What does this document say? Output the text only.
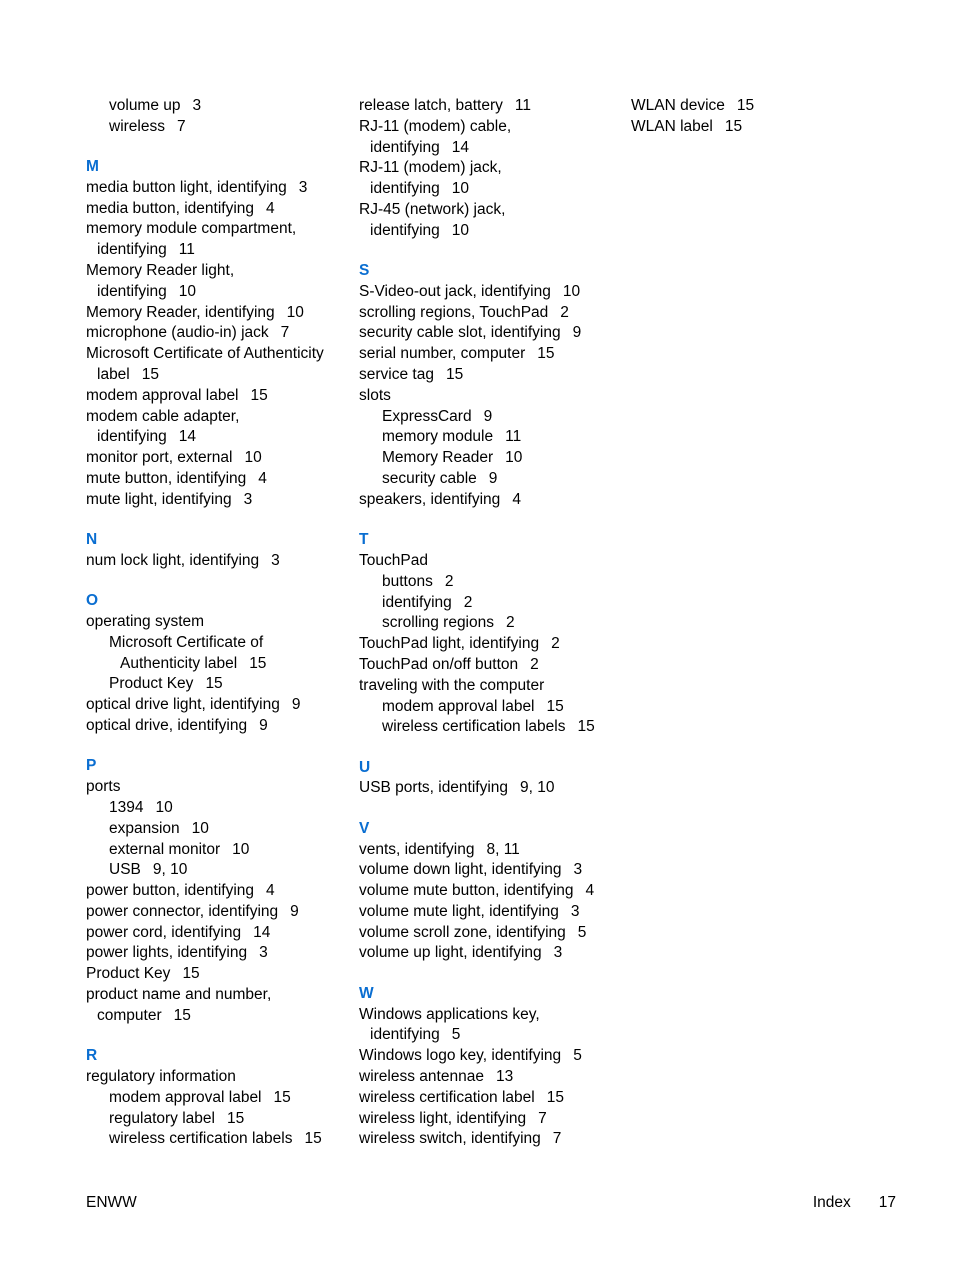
volume up 3
wireless 7
M
media button light, identifying 3
media button, identifying 4
memory module compartment,
identifying 11
Memory Reader light,
identifying 10
Memory Reader, identifying 10
microphone (audio-in) jack 7
Microsoft Certificate of Authenticity
label 15
modem approval label 15
modem cable adapter,
identifying 14
monitor port, external 10
mute button, identifying 4
mute light, identifying 3
N
num lock light, identifying 3
O
operating system
Microsoft Certificate of
Authenticity label 15
Product Key 15
optical drive light, identifying 9
optical drive, identifying 9
P
ports
1394 10
expansion 10
external monitor 10
USB 9, 10
power button, identifying 4
power connector, identifying 9
power cord, identifying 14
power lights, identifying 3
Product Key 15
product name and number,
computer 15
R
regulatory information
modem approval label 15
regulatory label 15
wireless certification labels 15
release latch, battery 11
RJ-11 (modem) cable,
identifying 14
RJ-11 (modem) jack,
identifying 10
RJ-45 (network) jack,
identifying 10
S
S-Video-out jack, identifying 10
scrolling regions, TouchPad 2
security cable slot, identifying 9
serial number, computer 15
service tag 15
slots
ExpressCard 9
memory module 11
Memory Reader 10
security cable 9
speakers, identifying 4
T
TouchPad
buttons 2
identifying 2
scrolling regions 2
TouchPad light, identifying 2
TouchPad on/off button 2
traveling with the computer
modem approval label 15
wireless certification labels 15
U
USB ports, identifying 9, 10
V
vents, identifying 8, 11
volume down light, identifying 3
volume mute button, identifying 4
volume mute light, identifying 3
volume scroll zone, identifying 5
volume up light, identifying 3
W
Windows applications key,
identifying 5
Windows logo key, identifying 5
wireless antennae 13
wireless certification label 15
wireless light, identifying 7
wireless switch, identifying 7
WLAN device 15
WLAN label 15
ENWW	Index 17
